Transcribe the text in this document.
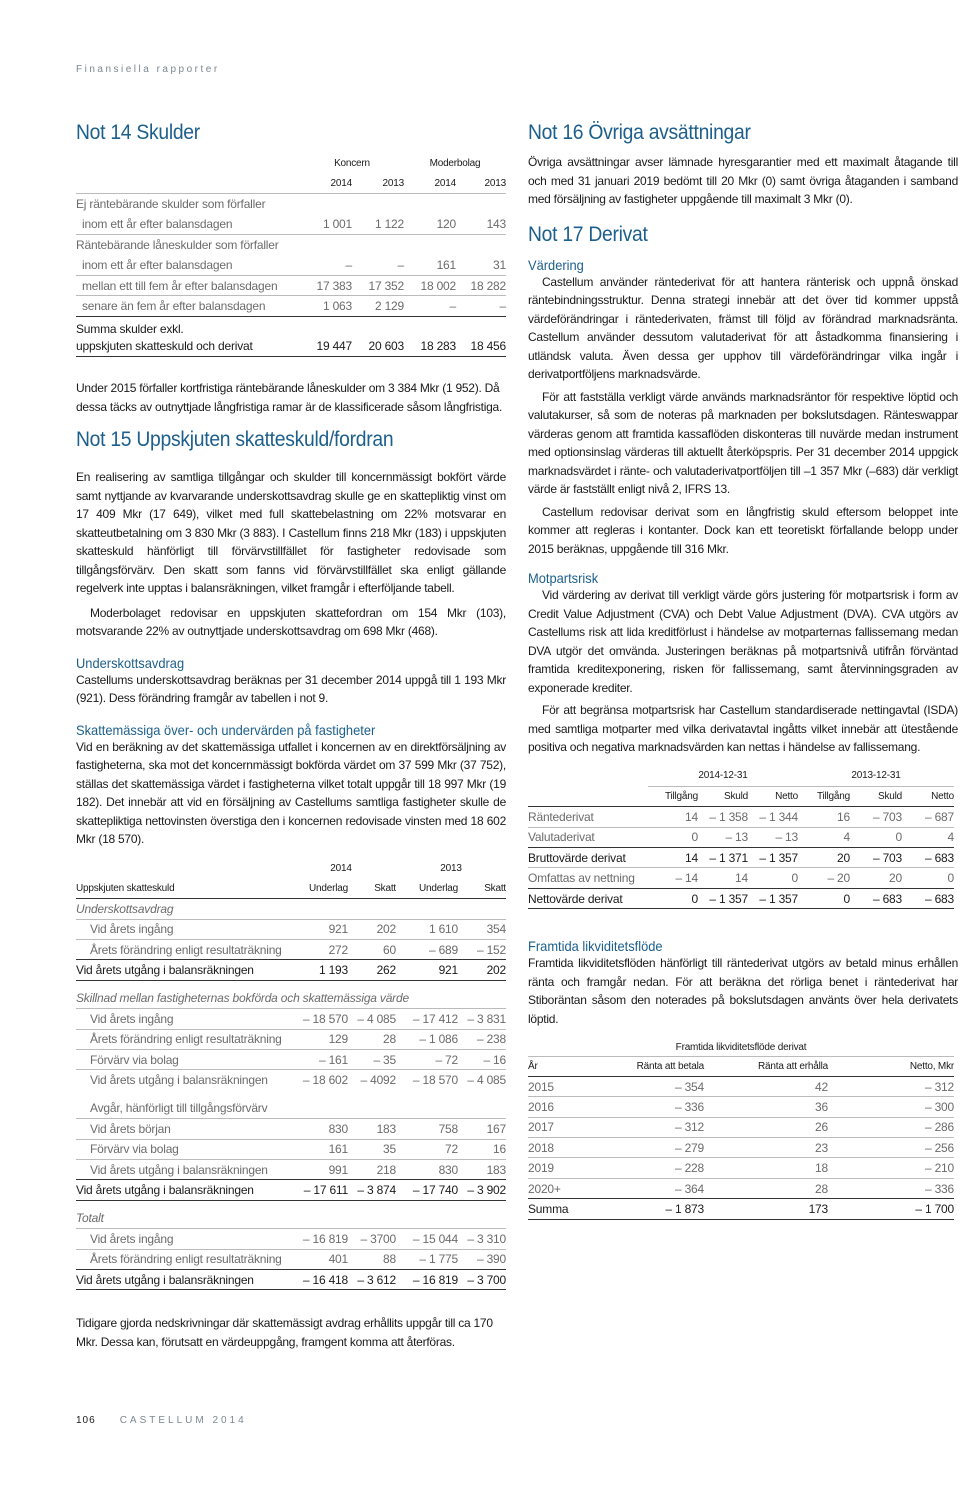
Finansiella rapporter
Not 14 Skulder
	Koncern		Moderbolag	
	2014	2013	2014	2013
Ej räntebärande skulder som förfaller				
inom ett år efter balansdagen	1 001	1 122	120	143
Räntebärande låneskulder som förfaller				
inom ett år efter balansdagen	–	–	161	31
mellan ett till fem år efter balansdagen	17 383	17 352	18 002	18 282
senare än fem år efter balansdagen	1 063	2 129	–	–
Summa skulder exkl.				
uppskjuten skatteskuld och derivat	19 447	20 603	18 283	18 456

Under 2015 förfaller kortfristiga räntebärande låneskulder om 3 384 Mkr (1 952). Då dessa täcks av outnyttjade långfristiga ramar är de klassificerade såsom långfristiga.

Not 15 Uppskjuten skatteskuld/fordran

En realisering av samtliga tillgångar och skulder till koncernmässigt bokfört värde samt nyttjande av kvarvarande underskottsavdrag skulle ge en skattepliktig vinst om 17 409 Mkr (17 649), vilket med full skattebelastning om 22% motsvarar en skatteutbetalning om 3 830 Mkr (3 883). I Castellum finns 218 Mkr (183) i uppskjuten skatteskuld hänförligt till förvärvstillfället för fastigheter redovisade som tillgångsförvärv. Den skatt som fanns vid förvärvstillfället ska enligt gällande regelverk inte upptas i balansräkningen, vilket framgår i efterföljande tabell.

Moderbolaget redovisar en uppskjuten skattefordran om 154 Mkr (103), motsvarande 22% av outnyttjade underskottsavdrag om 698 Mkr (468).

Underskottsavdrag

Castellums underskottsavdrag beräknas per 31 december 2014 uppgå till 1 193 Mkr (921). Dess förändring framgår av tabellen i not 9.

Skattemässiga över- och undervärden på fastigheter

Vid en beräkning av det skattemässiga utfallet i koncernen av en direktförsäljning av fastigheterna, ska mot det koncernmässigt bokförda värdet om 37 599 Mkr (37 752), ställas det skattemässiga värdet i fastigheterna vilket totalt uppgår till 18 997 Mkr (19 182). Det innebär att vid en försäljning av Castellums samtliga fastigheter skulle de skattepliktiga nettovinsten överstiga den i koncernen redovisade vinsten med 18 602 Mkr (18 570).

	2014		2013	
Uppskjuten skatteskuld	Underlag	Skatt	Underlag	Skatt
Underskottsavdrag				
Vid årets ingång	921	202	1 610	354
Årets förändring enligt resultaträkning	272	60	– 689	– 152
Vid årets utgång i balansräkningen	1 193	262	921	202

Skillnad mellan fastigheternas bokförda och skattemässiga värde				
Vid årets ingång	– 18 570	– 4 085	– 17 412	– 3 831
Årets förändring enligt resultaträkning	129	28	– 1 086	– 238
Förvärv via bolag	– 161	– 35	– 72	– 16
Vid årets utgång i balansräkningen	– 18 602	– 4092	– 18 570	– 4 085

Avgår, hänförligt till tillgångsförvärv				
Vid årets början	830	183	758	167
Förvärv via bolag	161	35	72	16
Vid årets utgång i balansräkningen	991	218	830	183
Vid årets utgång i balansräkningen	– 17 611	– 3 874	– 17 740	– 3 902

Totalt				
Vid årets ingång	– 16 819	– 3700	– 15 044	– 3 310
Årets förändring enligt resultaträkning	401	88	– 1 775	– 390
Vid årets utgång i balansräkningen	– 16 418	– 3 612	– 16 819	– 3 700

Tidigare gjorda nedskrivningar där skattemässigt avdrag erhållits uppgår till ca 170 Mkr. Dessa kan, förutsatt en värdeuppgång, framgent komma att återföras.

Not 16 Övriga avsättningar

Övriga avsättningar avser lämnade hyresgarantier med ett maximalt åtagande till och med 31 januari 2019 bedömt till 20 Mkr (0) samt övriga åtaganden i samband med försäljning av fastigheter uppgående till maximalt 3 Mkr (0).

Not 17 Derivat
Värdering

Castellum använder räntederivat för att hantera ränterisk och uppnå önskad räntebindningsstruktur. Denna strategi innebär att det över tid kommer uppstå värdeförändringar i räntederivaten, främst till följd av förändrad marknadsränta. Castellum använder dessutom valutaderivat för att åstadkomma finansiering i utländsk valuta. Även dessa ger upphov till värdeförändringar vilka ingår i derivatportföljens marknadsvärde.

För att fastställa verkligt värde används marknadsräntor för respektive löptid och valutakurser, så som de noteras på marknaden per bokslutsdagen. Ränteswappar värderas genom att framtida kassaflöden diskonteras till nuvärde medan instrument med optionsinslag värderas till aktuellt återköpspris. Per 31 december 2014 uppgick marknadsvärdet i ränte- och valutaderivatportföljen till –1 357 Mkr (–683) där verkligt värde är fastställt enligt nivå 2, IFRS 13.

Castellum redovisar derivat som en långfristig skuld eftersom beloppet inte kommer att regleras i kontanter. Dock kan ett teoretiskt förfallande belopp under 2015 beräknas, uppgående till 316 Mkr.

Motpartsrisk

Vid värdering av derivat till verkligt värde görs justering för motpartsrisk i form av Credit Value Adjustment (CVA) och Debt Value Adjustment (DVA). CVA utgörs av Castellums risk att lida kreditförlust i händelse av motparternas fallissemang medan DVA utgör det omvända. Justeringen beräknas på motpartsnivå utifrån förväntad framtida kreditexponering, risken för fallissemang, samt återvinningsgraden av exponerade krediter.

För att begränsa motpartsrisk har Castellum standardiserade nettingavtal (ISDA) med samtliga motparter med vilka derivatavtal ingåtts vilket innebär att ütestående positiva och negativa marknadsvärden kan nettas i händelse av fallissemang.

	2014-12-31			2013-12-31		
	Tillgång	Skuld	Netto	Tillgång	Skuld	Netto
Räntederivat	14	– 1 358	– 1 344	16	– 703	– 687
Valutaderivat	0	– 13	– 13	4	0	4
Bruttovärde derivat	14	– 1 371	– 1 357	20	– 703	– 683
Omfattas av nettning	– 14	14	0	– 20	20	0
Nettovärde derivat	0	– 1 357	– 1 357	0	– 683	– 683
Framtida likviditetsflöde

Framtida likviditetsflöden hänförligt till räntederivat utgörs av betald minus erhållen ränta och framgår nedan. För att beräkna det rörliga benet i räntederivat har Stiboräntan såsom den noterades på bokslutsdagen använts över hela derivatets löptid.

Framtida likviditetsflöde derivat			
År	Ränta att betala	Ränta att erhålla	Netto, Mkr
2015	– 354	42	– 312
2016	– 336	36	– 300
2017	– 312	26	– 286
2018	– 279	23	– 256
2019	– 228	18	– 210
2020+	– 364	28	– 336
Summa	– 1 873	173	– 1 700
106 CASTELLUM 2014
